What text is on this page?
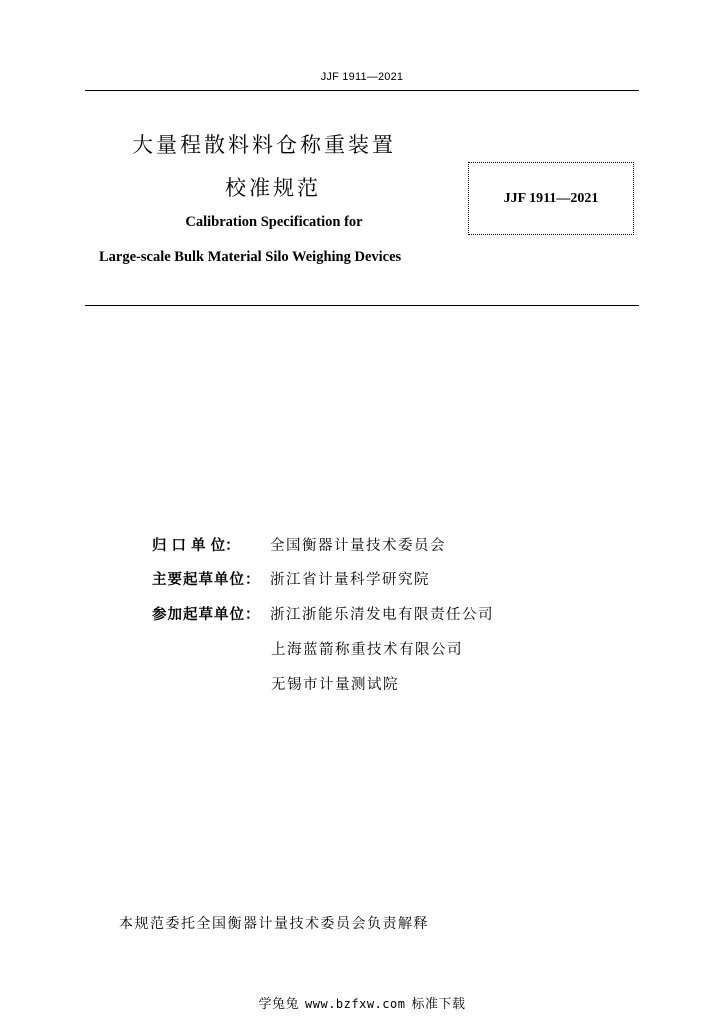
JJF 1911—2021
大量程散料料仓称重装置
校准规范
Calibration Specification for
Large-scale Bulk Material Silo Weighing Devices
JJF 1911—2021
归 口 单 位： 全国衡器计量技术委员会
主要起草单位： 浙江省计量科学研究院
参加起草单位： 浙江浙能乐清发电有限责任公司
上海蓝箭称重技术有限公司
无锡市计量测试院
本规范委托全国衡器计量技术委员会负责解释
学兔兔 www.bzfxw.com 标准下载
